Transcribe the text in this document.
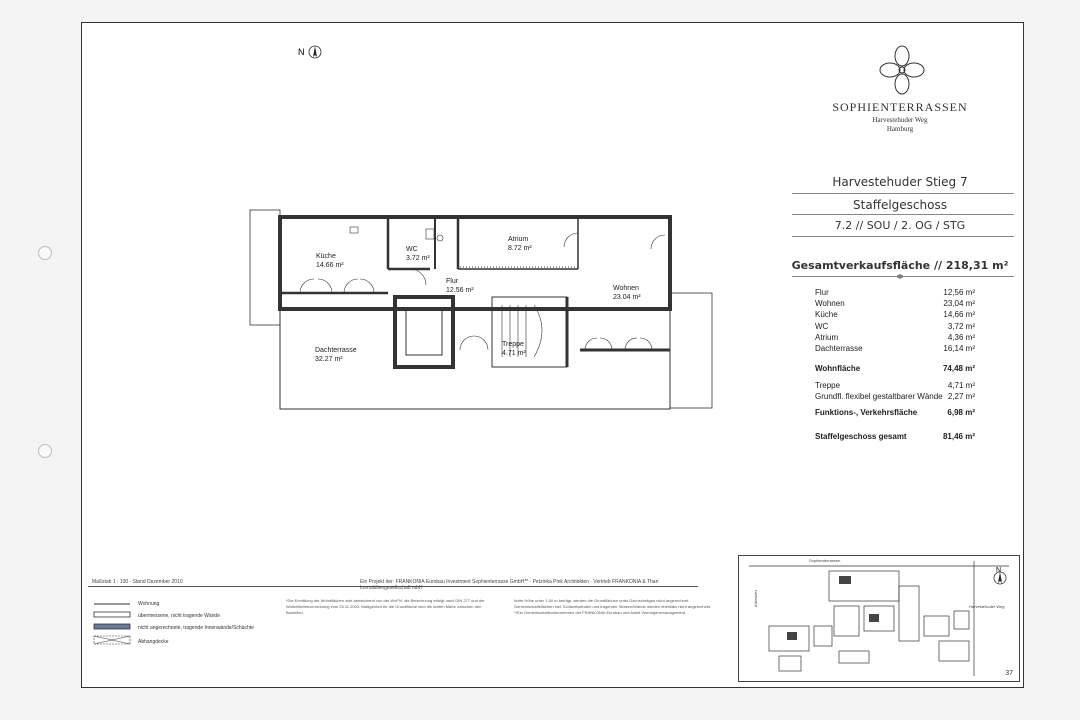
N
SOPHIENTERRASSEN
Harvestehuder Weg
Hamburg
Harvestehuder Stieg 7
Staffelgeschoss
7.2 // SOU / 2. OG / STG
Gesamtverkaufsfläche // 218,31 m² *
Flur	12,56 m²
Wohnen	23,04 m²
Küche	14,66 m²
WC	3,72 m²
Atrium	4,36 m²
Dachterrasse	16,14 m²
Wohnfläche	74,48 m²
Treppe	4,71 m²
Grundfl. flexibel gestaltbarer Wände 2,27 m²
Funktions-, Verkehrsfläche	6,98 m²
Staffelgeschoss gesamt	81,46 m²
Küche
14.66 m²
WC
3.72 m²
Atrium
8.72 m²
Flur
12.56 m²	Wohnen
23.04 m²
Treppe
4.71 m²
Dachterrasse
32.27 m²
Maßstab 1 : 100 · Stand Dezember 2010	Ein Projekt der: FRANKONIA Eurobau Investment Sophienterrasse GmbH** · Petzinka Pink Architekten · Vertrieb FRANKONIA & Than Immobiliengesellschaft mbH
Wohnung
übermessene, nicht tragende Wände
nicht angerechnete, tragende Innenwände/Schächte
Abhangdecke
*Die Ermittlung der Wohnflächen wird abweichend von der WoFlV, die Berechnung erfolgt nach DIN 277 und der Wohnflächenverordnung vom 25.11.2003. Maßgeblich für die Grundfläche sind die lichten Maße zwischen den Bauteilen.
lichte Höhe unter 1,00 m beträgt, werden die Grundflächen unter Dachschrägen nicht angerechnet. Gemeinschaftsflächen inkl. Schachtwänden und tragender Stützen/Wände werden ebenfalls nicht angerechnet. **Ein Gemeinschaftsunternehmen der FRANKONIA Eurobau und Anteil Vermögensmanagement.
Sophienterrassen
Harvestehuder Weg
Alsterufer
N
37
